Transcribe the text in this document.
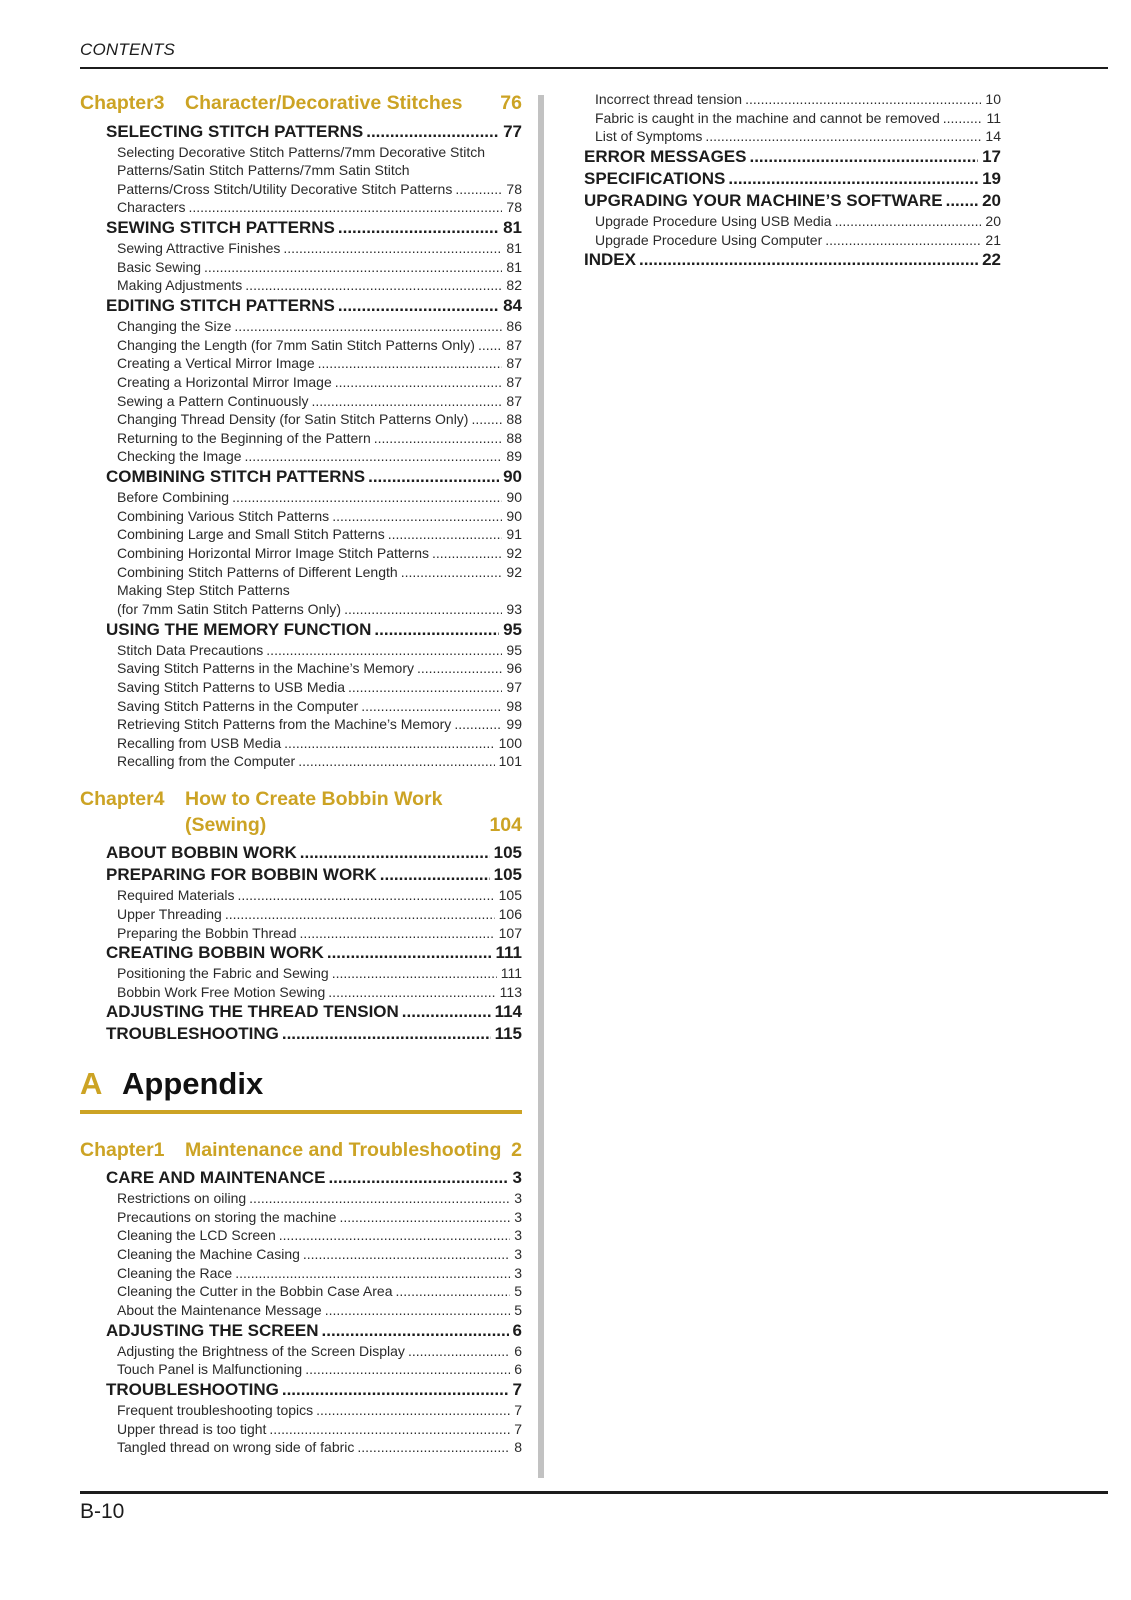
CONTENTS
Chapter3	Character/Decorative Stitches	76
SELECTING STITCH PATTERNS .....	77
Selecting Decorative Stitch Patterns/7mm Decorative Stitch
Patterns/Satin Stitch Patterns/7mm Satin Stitch
Patterns/Cross Stitch/Utility Decorative Stitch Patterns .....	78
Characters .....	78
SEWING STITCH PATTERNS .....	81
Sewing Attractive Finishes .....	81
Basic Sewing .....	81
Making Adjustments .....	82
EDITING STITCH PATTERNS .....	84
Changing the Size .....	86
Changing the Length (for 7mm Satin Stitch Patterns Only) ..... 87
Creating a Vertical Mirror Image .....	87
Creating a Horizontal Mirror Image .....	87
Sewing a Pattern Continuously .....	87
Changing Thread Density (for Satin Stitch Patterns Only) .....	88
Returning to the Beginning of the Pattern .....	88
Checking the Image .....	89
COMBINING STITCH PATTERNS .....	90
Before Combining .....	90
Combining Various Stitch Patterns .....	90
Combining Large and Small Stitch Patterns .....	91
Combining Horizontal Mirror Image Stitch Patterns .....	92
Combining Stitch Patterns of Different Length .....	92
Making Step Stitch Patterns
(for 7mm Satin Stitch Patterns Only) .....	93
USING THE MEMORY FUNCTION .....	95
Stitch Data Precautions .....	95
Saving Stitch Patterns in the Machine’s Memory .....	96
Saving Stitch Patterns to USB Media .....	97
Saving Stitch Patterns in the Computer .....	98
Retrieving Stitch Patterns from the Machine’s Memory .....	99
Recalling from USB Media .....	100
Recalling from the Computer .....	101
Chapter4	How to Create Bobbin Work
(Sewing)	104
ABOUT BOBBIN WORK .....	105
PREPARING FOR BOBBIN WORK .....	105
Required Materials .....	105
Upper Threading .....	106
Preparing the Bobbin Thread .....	107
CREATING BOBBIN WORK .....	111
Positioning the Fabric and Sewing .....	111
Bobbin Work Free Motion Sewing .....	113
ADJUSTING THE THREAD TENSION .....	114
TROUBLESHOOTING .....	115
A Appendix
Chapter1	Maintenance and Troubleshooting 2
CARE AND MAINTENANCE .....	3
Restrictions on oiling .....	3
Precautions on storing the machine .....	3
Cleaning the LCD Screen .....	3
Cleaning the Machine Casing .....	3
Cleaning the Race .....	3
Cleaning the Cutter in the Bobbin Case Area .....	5
About the Maintenance Message .....	5
ADJUSTING THE SCREEN .....	6
Adjusting the Brightness of the Screen Display .....	6
Touch Panel is Malfunctioning .....	6
TROUBLESHOOTING .....	7
Frequent troubleshooting topics .....	7
Upper thread is too tight .....	7
Tangled thread on wrong side of fabric .....	8
Incorrect thread tension .....	10
Fabric is caught in the machine and cannot be removed .....	11
List of Symptoms .....	14
ERROR MESSAGES .....	17
SPECIFICATIONS .....	19
UPGRADING YOUR MACHINE’S SOFTWARE ..... 20
Upgrade Procedure Using USB Media .....	20
Upgrade Procedure Using Computer .....	21
INDEX .....	22
B-10
